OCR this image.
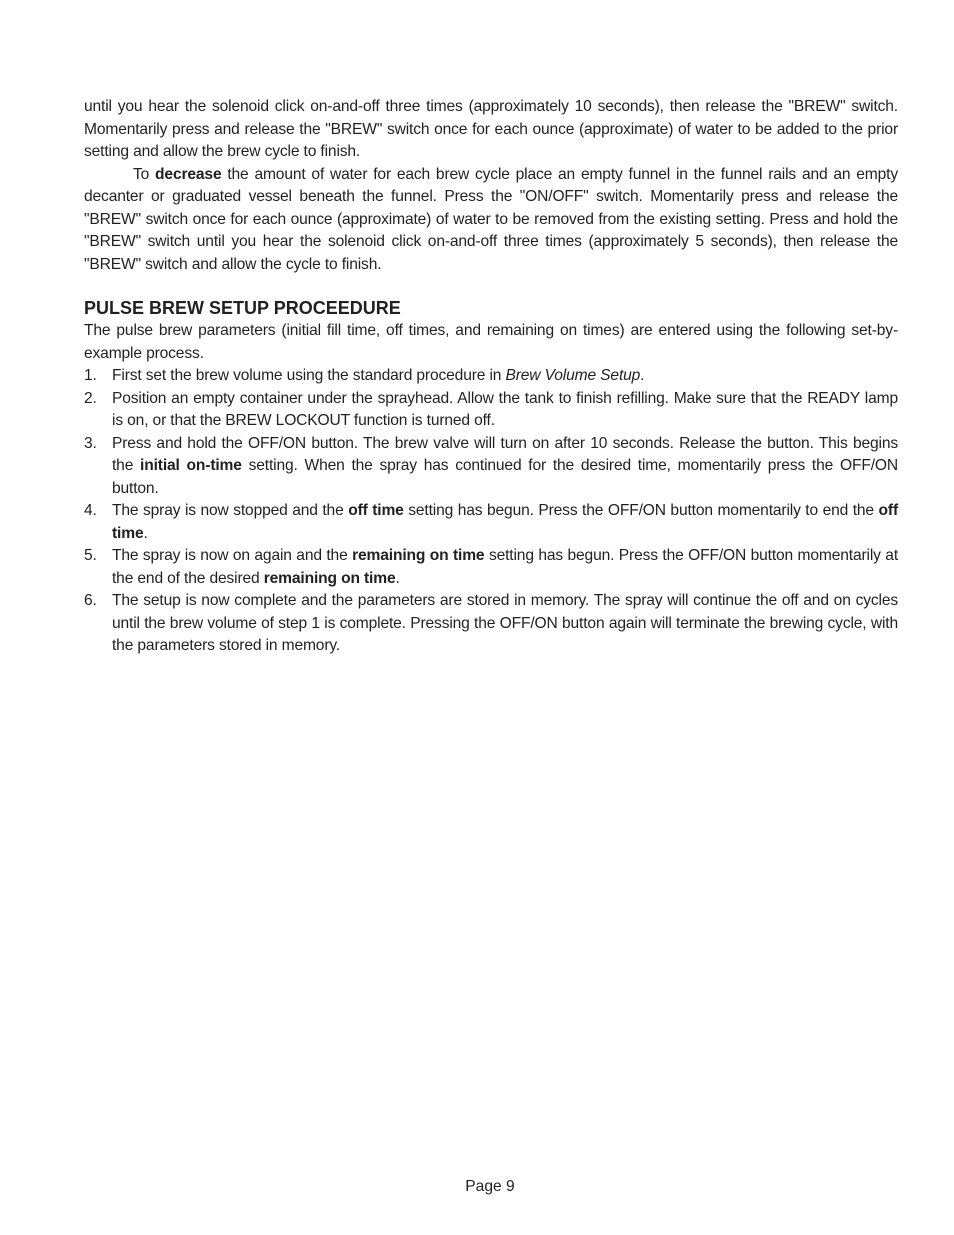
until you hear the solenoid click on-and-off three times (approximately 10 seconds), then release the "BREW" switch. Momentarily press and release the "BREW" switch once for each ounce (approximate) of water to be added to the prior setting and allow the brew cycle to finish.

To decrease the amount of water for each brew cycle place an empty funnel in the funnel rails and an empty decanter or graduated vessel beneath the funnel. Press the "ON/OFF" switch. Momentarily press and release the "BREW" switch once for each ounce (approximate) of water to be removed from the existing setting. Press and hold the "BREW" switch until you hear the solenoid click on-and-off three times (approximately 5 seconds), then release the "BREW" switch and allow the cycle to finish.

PULSE BREW SETUP PROCEEDURE

The pulse brew parameters (initial fill time, off times, and remaining on times) are entered using the following set-by-example process.

1. First set the brew volume using the standard procedure in Brew Volume Setup.
2. Position an empty container under the sprayhead. Allow the tank to finish refilling. Make sure that the READY lamp is on, or that the BREW LOCKOUT function is turned off.
3. Press and hold the OFF/ON button. The brew valve will turn on after 10 seconds. Release the button. This begins the initial on-time setting. When the spray has continued for the desired time, momentarily press the OFF/ON button.
4. The spray is now stopped and the off time setting has begun. Press the OFF/ON button momentarily to end the off time.
5. The spray is now on again and the remaining on time setting has begun. Press the OFF/ON button momentarily at the end of the desired remaining on time.
6. The setup is now complete and the parameters are stored in memory. The spray will continue the off and on cycles until the brew volume of step 1 is complete. Pressing the OFF/ON button again will terminate the brewing cycle, with the parameters stored in memory.
Page 9
